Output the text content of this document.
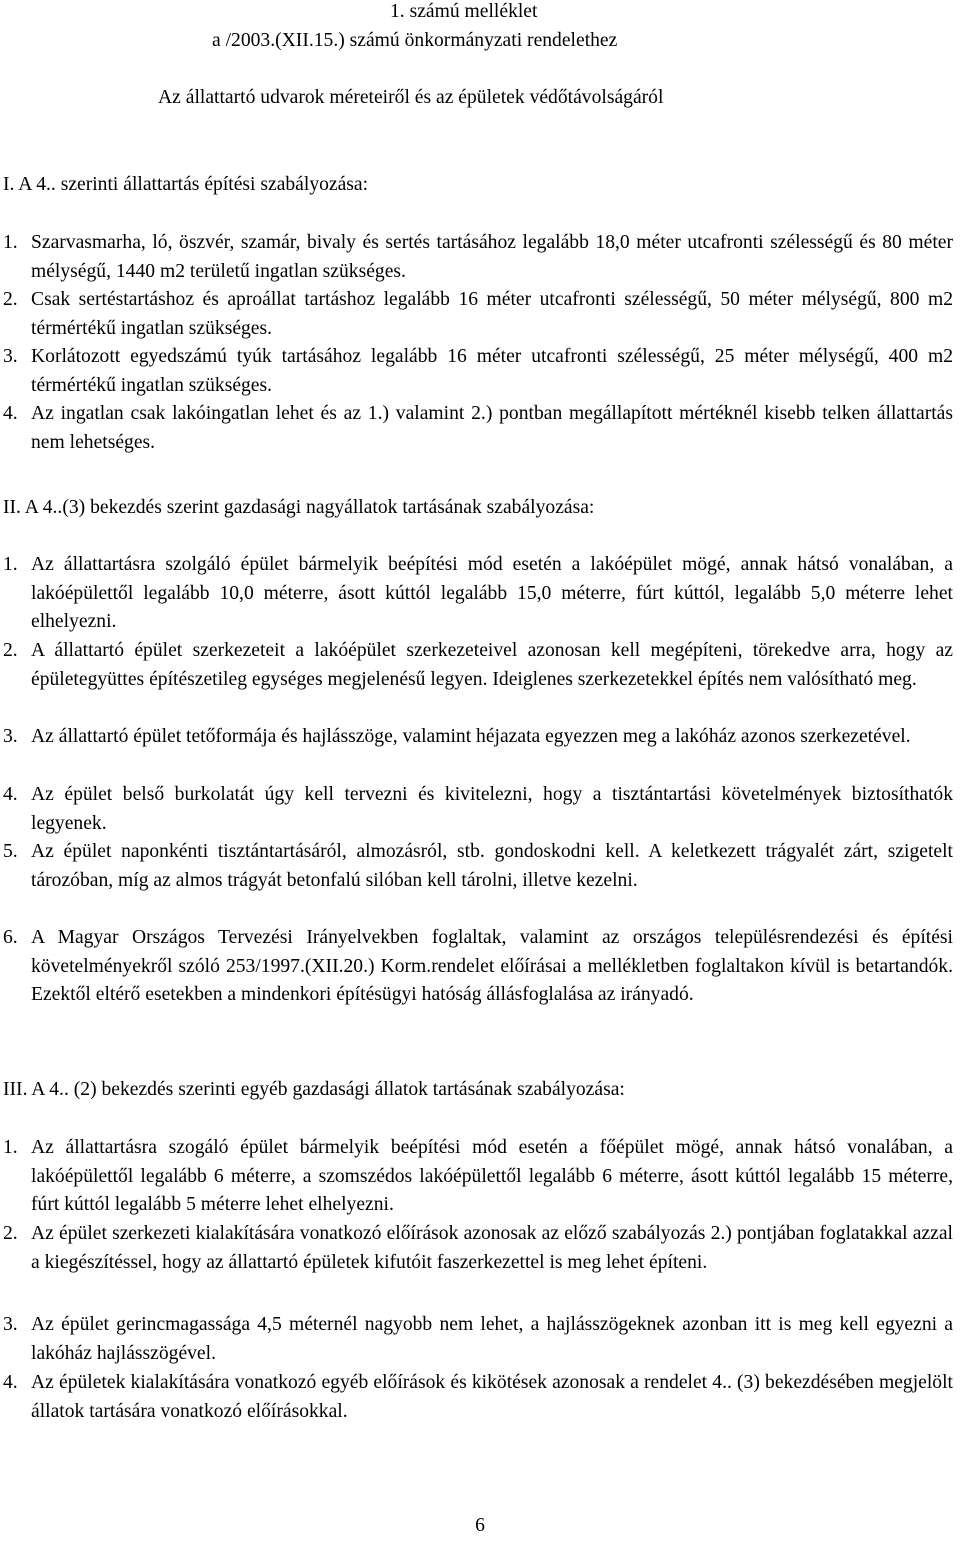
1. számú melléklet
a /2003.(XII.15.) számú önkormányzati rendelethez
Az állattartó udvarok méreteiről és az épületek védőtávolságáról
I. A 4.. szerinti állattartás építési szabályozása:
1. Szarvasmarha, ló, öszvér, szamár, bivaly és sertés tartásához legalább 18,0 méter utcafronti szélességű és 80 méter mélységű, 1440 m2 területű ingatlan szükséges.
2. Csak sertéstartáshoz és aproállat tartáshoz legalább 16 méter utcafronti szélességű, 50 méter mélységű, 800 m2 térmértékű ingatlan szükséges.
3. Korlátozott egyedszámú tyúk tartásához legalább 16 méter utcafronti szélességű, 25 méter mélységű, 400 m2 térmértékű ingatlan szükséges.
4. Az ingatlan csak lakóingatlan lehet és az 1.) valamint 2.) pontban megállapított mértéknél kisebb telken állattartás nem lehetséges.
II. A 4..(3) bekezdés szerint gazdasági nagyállatok tartásának szabályozása:
1. Az állattartásra szolgáló épület bármelyik beépítési mód esetén a lakóépület mögé, annak hátsó vonalában, a lakóépülettől legalább 10,0 méterre, ásott kúttól legalább 15,0 méterre, fúrt kúttól, legalább 5,0 méterre lehet elhelyezni.
2. A állattartó épület szerkezeteit a lakóépület szerkezeteivel azonosan kell megépíteni, törekedve arra, hogy az épületegyüttes építészetileg egységes megjelenésű legyen. Ideiglenes szerkezetekkel építés nem valósítható meg.
3. Az állattartó épület tetőformája és hajlásszöge, valamint héjazata egyezzen meg a lakóház azonos szerkezetével.
4. Az épület belső burkolatát úgy kell tervezni és kivitelezni, hogy a tisztántartási követelmények biztosíthatók legyenek.
5. Az épület naponkénti tisztántartásáról, almozásról, stb. gondoskodni kell. A keletkezett trágyalét zárt, szigetelt tározóban, míg az almos trágyát betonfalú silóban kell tárolni, illetve kezelni.
6. A Magyar Országos Tervezési Irányelvekben foglaltak, valamint az országos településrendezési és építési követelményekről szóló 253/1997.(XII.20.) Korm.rendelet előírásai a mellékletben foglaltakon kívül is betartandók. Ezektől eltérő esetekben a mindenkori építésügyi hatóság állásfoglalása az irányadó.
III. A 4.. (2) bekezdés szerinti egyéb gazdasági állatok tartásának szabályozása:
1. Az állattartásra szogáló épület bármelyik beépítési mód esetén a főépület mögé, annak hátsó vonalában, a lakóépülettől legalább 6 méterre, a szomszédos lakóépülettől legalább 6 méterre, ásott kúttól legalább 15 méterre, fúrt kúttól legalább 5 méterre lehet elhelyezni.
2. Az épület szerkezeti kialakítására vonatkozó előírások azonosak az előző szabályozás 2.) pontjában foglatakkal azzal a kiegészítéssel, hogy az állattartó épületek kifutóit faszerkezettel is meg lehet építeni.
3. Az épület gerincmagassága 4,5 méternél nagyobb nem lehet, a hajlásszögeknek azonban itt is meg kell egyezni a lakóház hajlásszögével.
4. Az épületek kialakítására vonatkozó egyéb előírások és kikötések azonosak a rendelet 4.. (3) bekezdésében megjelölt állatok tartására vonatkozó előírásokkal.
6
